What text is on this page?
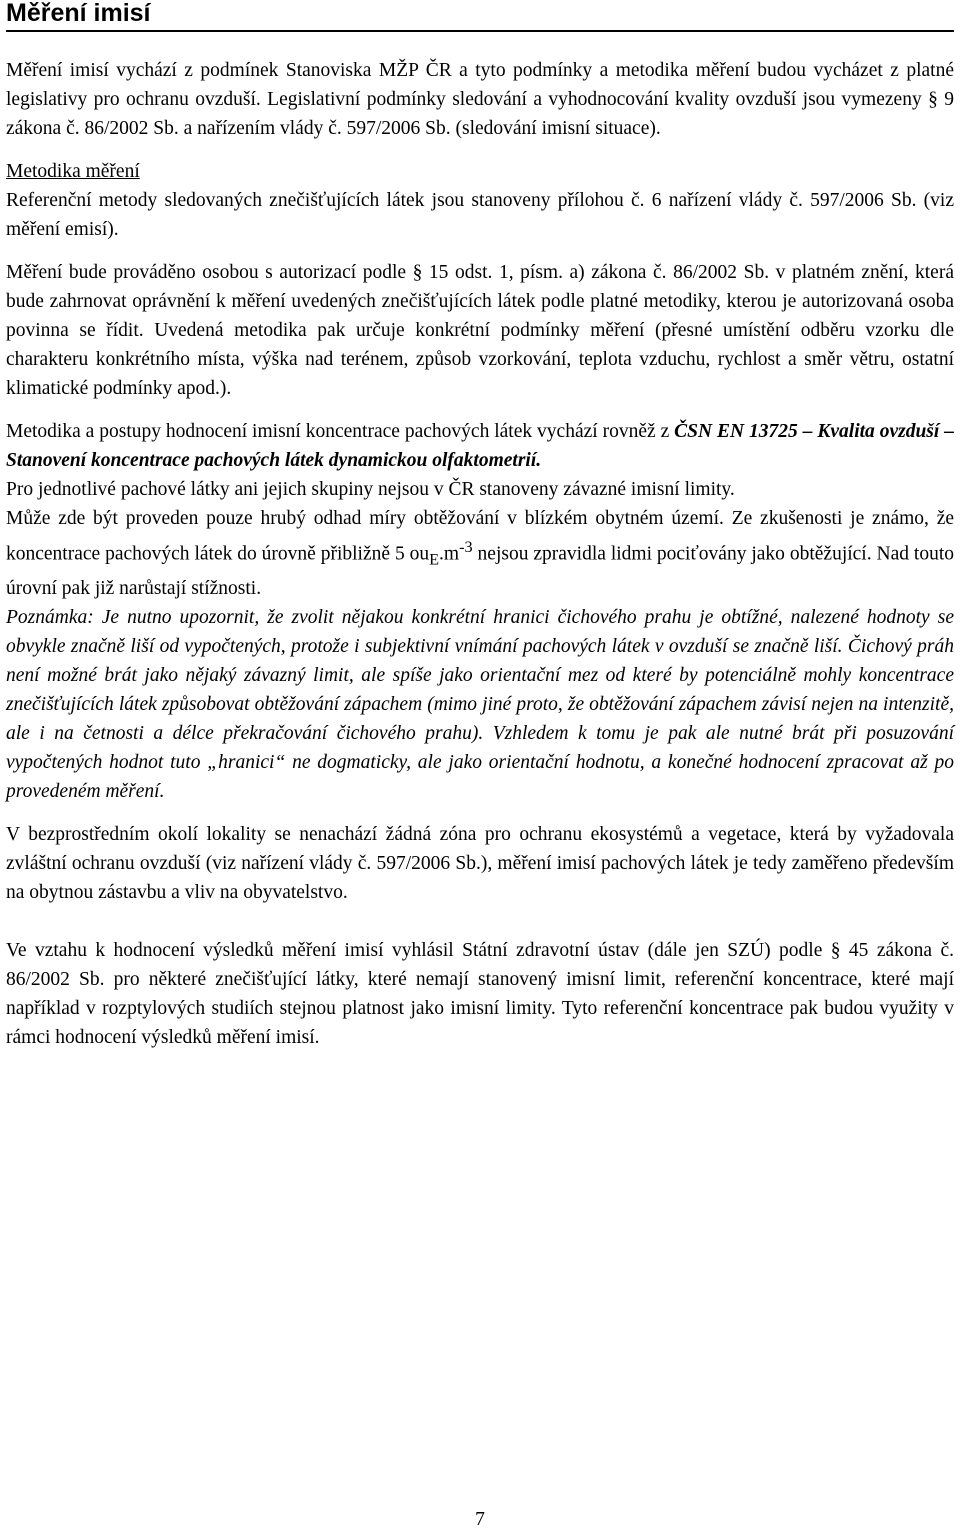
Měření imisí

Měření imisí vychází z podmínek Stanoviska MŽP ČR a tyto podmínky a metodika měření budou vycházet z platné legislativy pro ochranu ovzduší. Legislativní podmínky sledování a vyhodnocování kvality ovzduší jsou vymezeny § 9 zákona č. 86/2002 Sb. a nařízením vlády č. 597/2006 Sb. (sledování imisní situace).

Metodika měření

Referenční metody sledovaných znečišťujících látek jsou stanoveny přílohou č. 6 nařízení vlády č. 597/2006 Sb. (viz měření emisí).

Měření bude prováděno osobou s autorizací podle § 15 odst. 1, písm. a) zákona č. 86/2002 Sb. v platném znění, která bude zahrnovat oprávnění k měření uvedených znečišťujících látek podle platné metodiky, kterou je autorizovaná osoba povinna se řídit. Uvedená metodika pak určuje konkrétní podmínky měření (přesné umístění odběru vzorku dle charakteru konkrétního místa, výška nad terénem, způsob vzorkování, teplota vzduchu, rychlost a směr větru, ostatní klimatické podmínky apod.).

Metodika a postupy hodnocení imisní koncentrace pachových látek vychází rovněž z ČSN EN 13725 – Kvalita ovzduší – Stanovení koncentrace pachových látek dynamickou olfaktometrií.

Pro jednotlivé pachové látky ani jejich skupiny nejsou v ČR stanoveny závazné imisní limity.

Může zde být proveden pouze hrubý odhad míry obtěžování v blízkém obytném území. Ze zkušenosti je známo, že koncentrace pachových látek do úrovně přibližně 5 $ou_E.m^{-3}$ nejsou zpravidla lidmi pociťovány jako obtěžující. Nad touto úrovní pak již narůstají stížnosti.

Poznámka: Je nutno upozornit, že zvolit nějakou konkrétní hranici čichového prahu je obtížné, nalezené hodnoty se obvykle značně liší od vypočtených, protože i subjektivní vnímání pachových látek v ovzduší se značně liší. Čichový práh není možné brát jako nějaký závazný limit, ale spíše jako orientační mez od které by potenciálně mohly koncentrace znečišťujících látek způsobovat obtěžování zápachem (mimo jiné proto, že obtěžování zápachem závisí nejen na intenzitě, ale i na četnosti a délce překračování čichového prahu). Vzhledem k tomu je pak ale nutné brát při posuzování vypočtených hodnot tuto „hranici“ ne dogmaticky, ale jako orientační hodnotu, a konečné hodnocení zpracovat až po provedeném měření.

V bezprostředním okolí lokality se nenachází žádná zóna pro ochranu ekosystémů a vegetace, která by vyžadovala zvláštní ochranu ovzduší (viz nařízení vlády č. 597/2006 Sb.), měření imisí pachových látek je tedy zaměřeno především na obytnou zástavbu a vliv na obyvatelstvo.

Ve vztahu k hodnocení výsledků měření imisí vyhlásil Státní zdravotní ústav (dále jen SZÚ) podle § 45 zákona č. 86/2002 Sb. pro některé znečišťující látky, které nemají stanovený imisní limit, referenční koncentrace, které mají například v rozptylových studiích stejnou platnost jako imisní limity. Tyto referenční koncentrace pak budou využity v rámci hodnocení výsledků měření imisí.

7
